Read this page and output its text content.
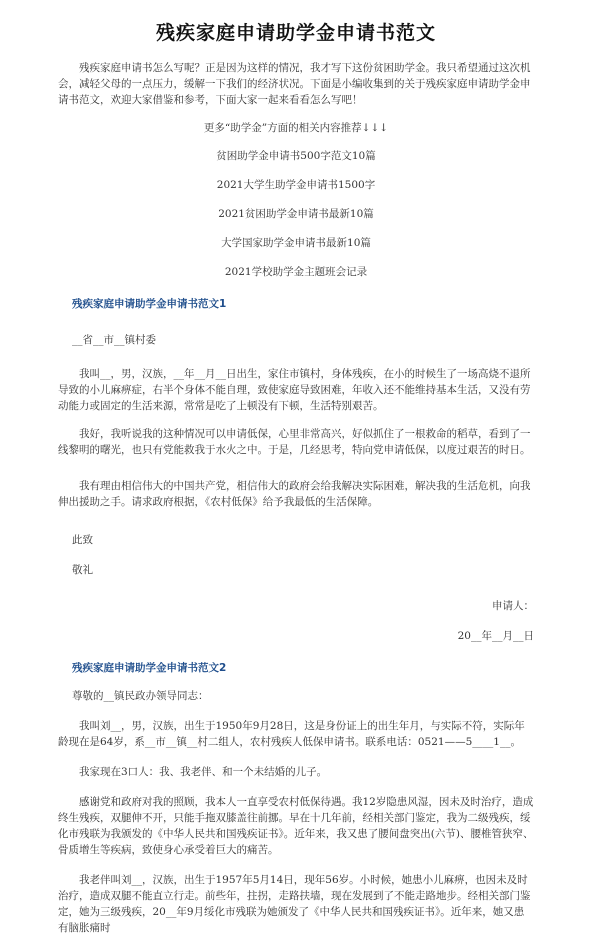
残疾家庭申请助学金申请书范文

残疾家庭申请书怎么写呢？正是因为这样的情况，我才写下这份贫困助学金。我只希望通过这次机会，减轻父母的一点压力，缓解一下我们的经济状况。下面是小编收集到的关于残疾家庭申请助学金申请书范文，欢迎大家借鉴和参考，下面大家一起来看看怎么写吧！

更多“助学金”方面的相关内容推荐↓↓↓

贫困助学金申请书500字范文10篇

2021大学生助学金申请书1500字

2021贫困助学金申请书最新10篇

大学国家助学金申请书最新10篇

2021学校助学金主题班会记录

残疾家庭申请助学金申请书范文1

__省__市__镇村委

我叫__，男，汉族，__年__月__日出生，家住市镇村，身体残疾，在小的时候生了一场高烧不退所导致的小儿麻痹症，右半个身体不能自理，致使家庭导致困难，年收入还不能维持基本生活，又没有劳动能力或固定的生活来源，常常是吃了上顿没有下顿，生活特别艰苦。

我好，我听说我的这种情况可以申请低保，心里非常高兴，好似抓住了一根救命的稻草，看到了一线黎明的曙光，也只有党能救我于水火之中。于是，几经思考，特向党申请低保，以度过艰苦的时日。

我有理由相信伟大的中国共产党，相信伟大的政府会给我解决实际困难，解决我的生活危机，向我伸出援助之手。请求政府根据，《农村低保》给予我最低的生活保障。

此致

敬礼

申请人：

20__年__月__日

残疾家庭申请助学金申请书范文2

尊敬的__镇民政办领导同志：

我叫刘__，男，汉族，出生于1950年9月28日，这是身份证上的出生年月，与实际不符，实际年龄现在是64岁，系__市__镇__村二组人，农村残疾人低保申请书。联系电话：0521——5____1__。

我家现在3口人：我、我老伴、和一个未结婚的儿子。

感谢党和政府对我的照顾，我本人一直享受农村低保待遇。我12岁隐患风湿，因未及时治疗，造成终生残疾，双腿伸不开，只能手拖双膝盖往前挪。早在十几年前，经相关部门鉴定，我为二级残疾，绥化市残联为我颁发的《中华人民共和国残疾证书》。近年来，我又患了腰间盘突出(六节)、腰椎管狭窄、骨质增生等疾病，致使身心承受着巨大的痛苦。

我老伴叫刘__，汉族，出生于1957年5月14日，现年56岁。小时候，她患小儿麻痹，也因未及时治疗，造成双腿不能直立行走。前些年，拄拐，走路扶墙，现在发展到了不能走路地步。经相关部门鉴定，她为三级残疾，20__年9月绥化市残联为她颁发了《中华人民共和国残疾证书》。近年来，她又患有脑胀痛时
